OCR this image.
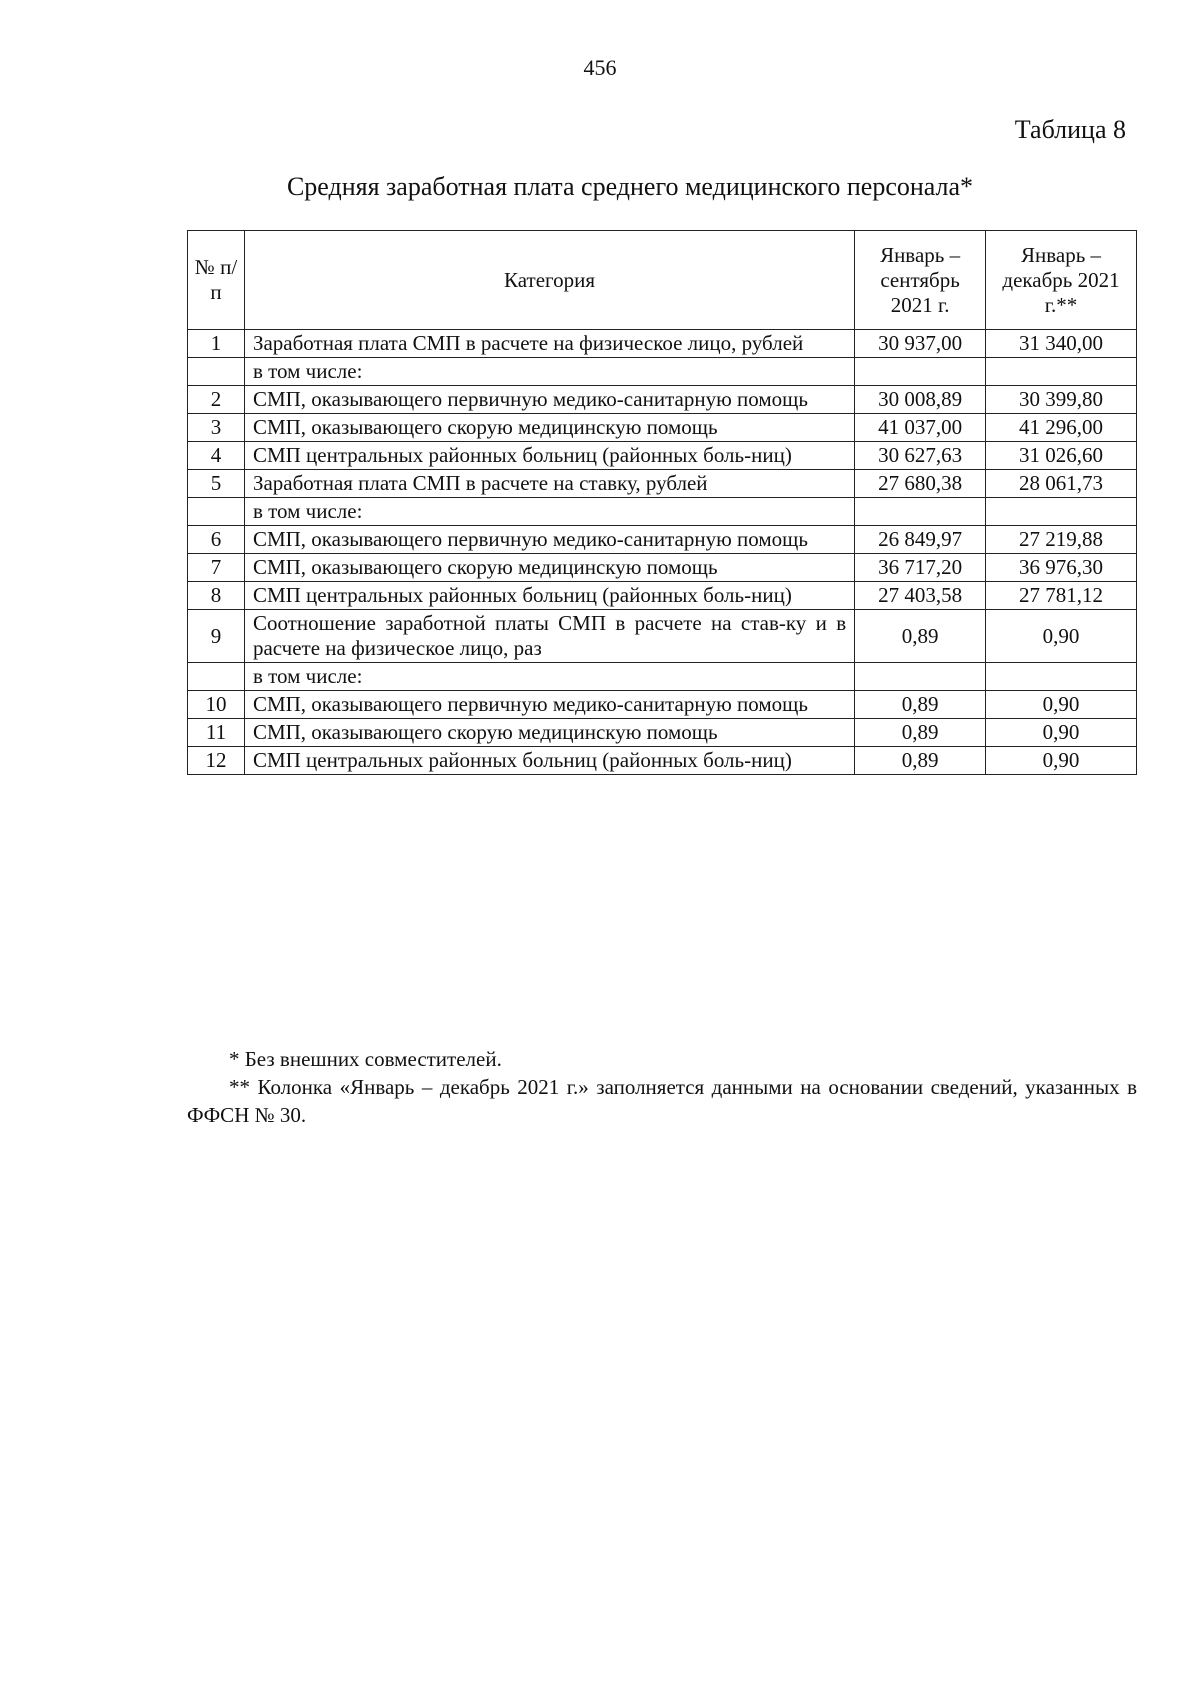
456
Таблица 8
Средняя заработная плата среднего медицинского персонала*
№ п/п	Категория	Январь – сентябрь 2021 г.	Январь – декабрь 2021 г.**
1	Заработная плата СМП в расчете на физическое лицо, рублей	30 937,00	31 340,00
	в том числе:		
2	СМП, оказывающего первичную медико-санитарную помощь	30 008,89	30 399,80
3	СМП, оказывающего скорую медицинскую помощь	41 037,00	41 296,00
4	СМП центральных районных больниц (районных боль-ниц)	30 627,63	31 026,60
5	Заработная плата СМП в расчете на ставку, рублей	27 680,38	28 061,73
	в том числе:		
6	СМП, оказывающего первичную медико-санитарную помощь	26 849,97	27 219,88
7	СМП, оказывающего скорую медицинскую помощь	36 717,20	36 976,30
8	СМП центральных районных больниц (районных боль-ниц)	27 403,58	27 781,12
9	Соотношение заработной платы СМП в расчете на став-ку и в расчете на физическое лицо, раз	0,89	0,90
	в том числе:		
10	СМП, оказывающего первичную медико-санитарную помощь	0,89	0,90
11	СМП, оказывающего скорую медицинскую помощь	0,89	0,90
12	СМП центральных районных больниц (районных боль-ниц)	0,89	0,90

* Без внешних совместителей.

** Колонка «Январь – декабрь 2021 г.» заполняется данными на основании сведений, указанных в ФФСН № 30.
